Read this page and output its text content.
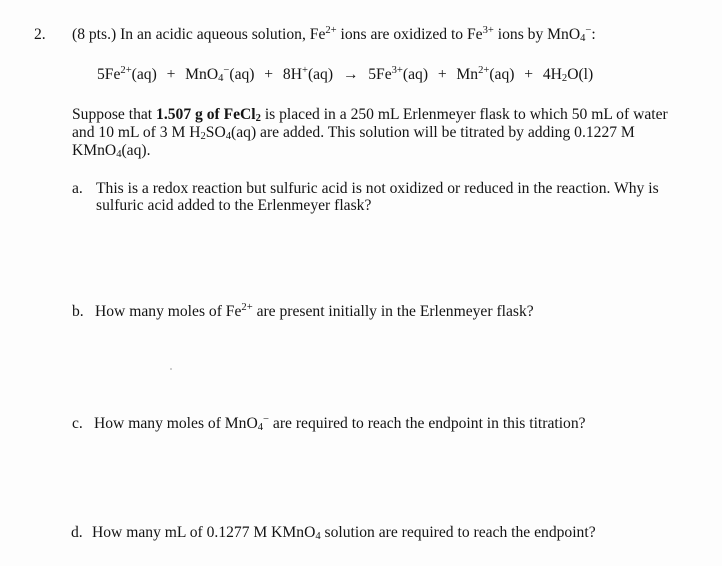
2. (8 pts.) In an acidic aqueous solution, $Fe^{2+}$ ions are oxidized to $Fe^{3+}$ ions by MnO$_4$−:
$5Fe^{2+}(aq) + MnO_4^-(aq) + 8H^+(aq) \to 5Fe^{3+}(aq) + Mn^{2+}(aq) + 4H_2O(l)$
Suppose that 1.507 g of FeCl$_2$ is placed in a 250 mL Erlenmeyer flask to which 50 mL of water
and 10 mL of 3 M $H_2SO_4(aq)$ are added. This solution will be titrated by adding 0.1227 M
KMnO$_4$(aq).
a. This is a redox reaction but sulfuric acid is not oxidized or reduced in the reaction. Why is
sulfuric acid added to the Erlenmeyer flask?
b. How many moles of $Fe^{2+}$ are present initially in the Erlenmeyer flask?
c. How many moles of MnO$_4$− are required to reach the endpoint in this titration?
d. How many mL of 0.1277 M KMnO$_4$ solution are required to reach the endpoint?
